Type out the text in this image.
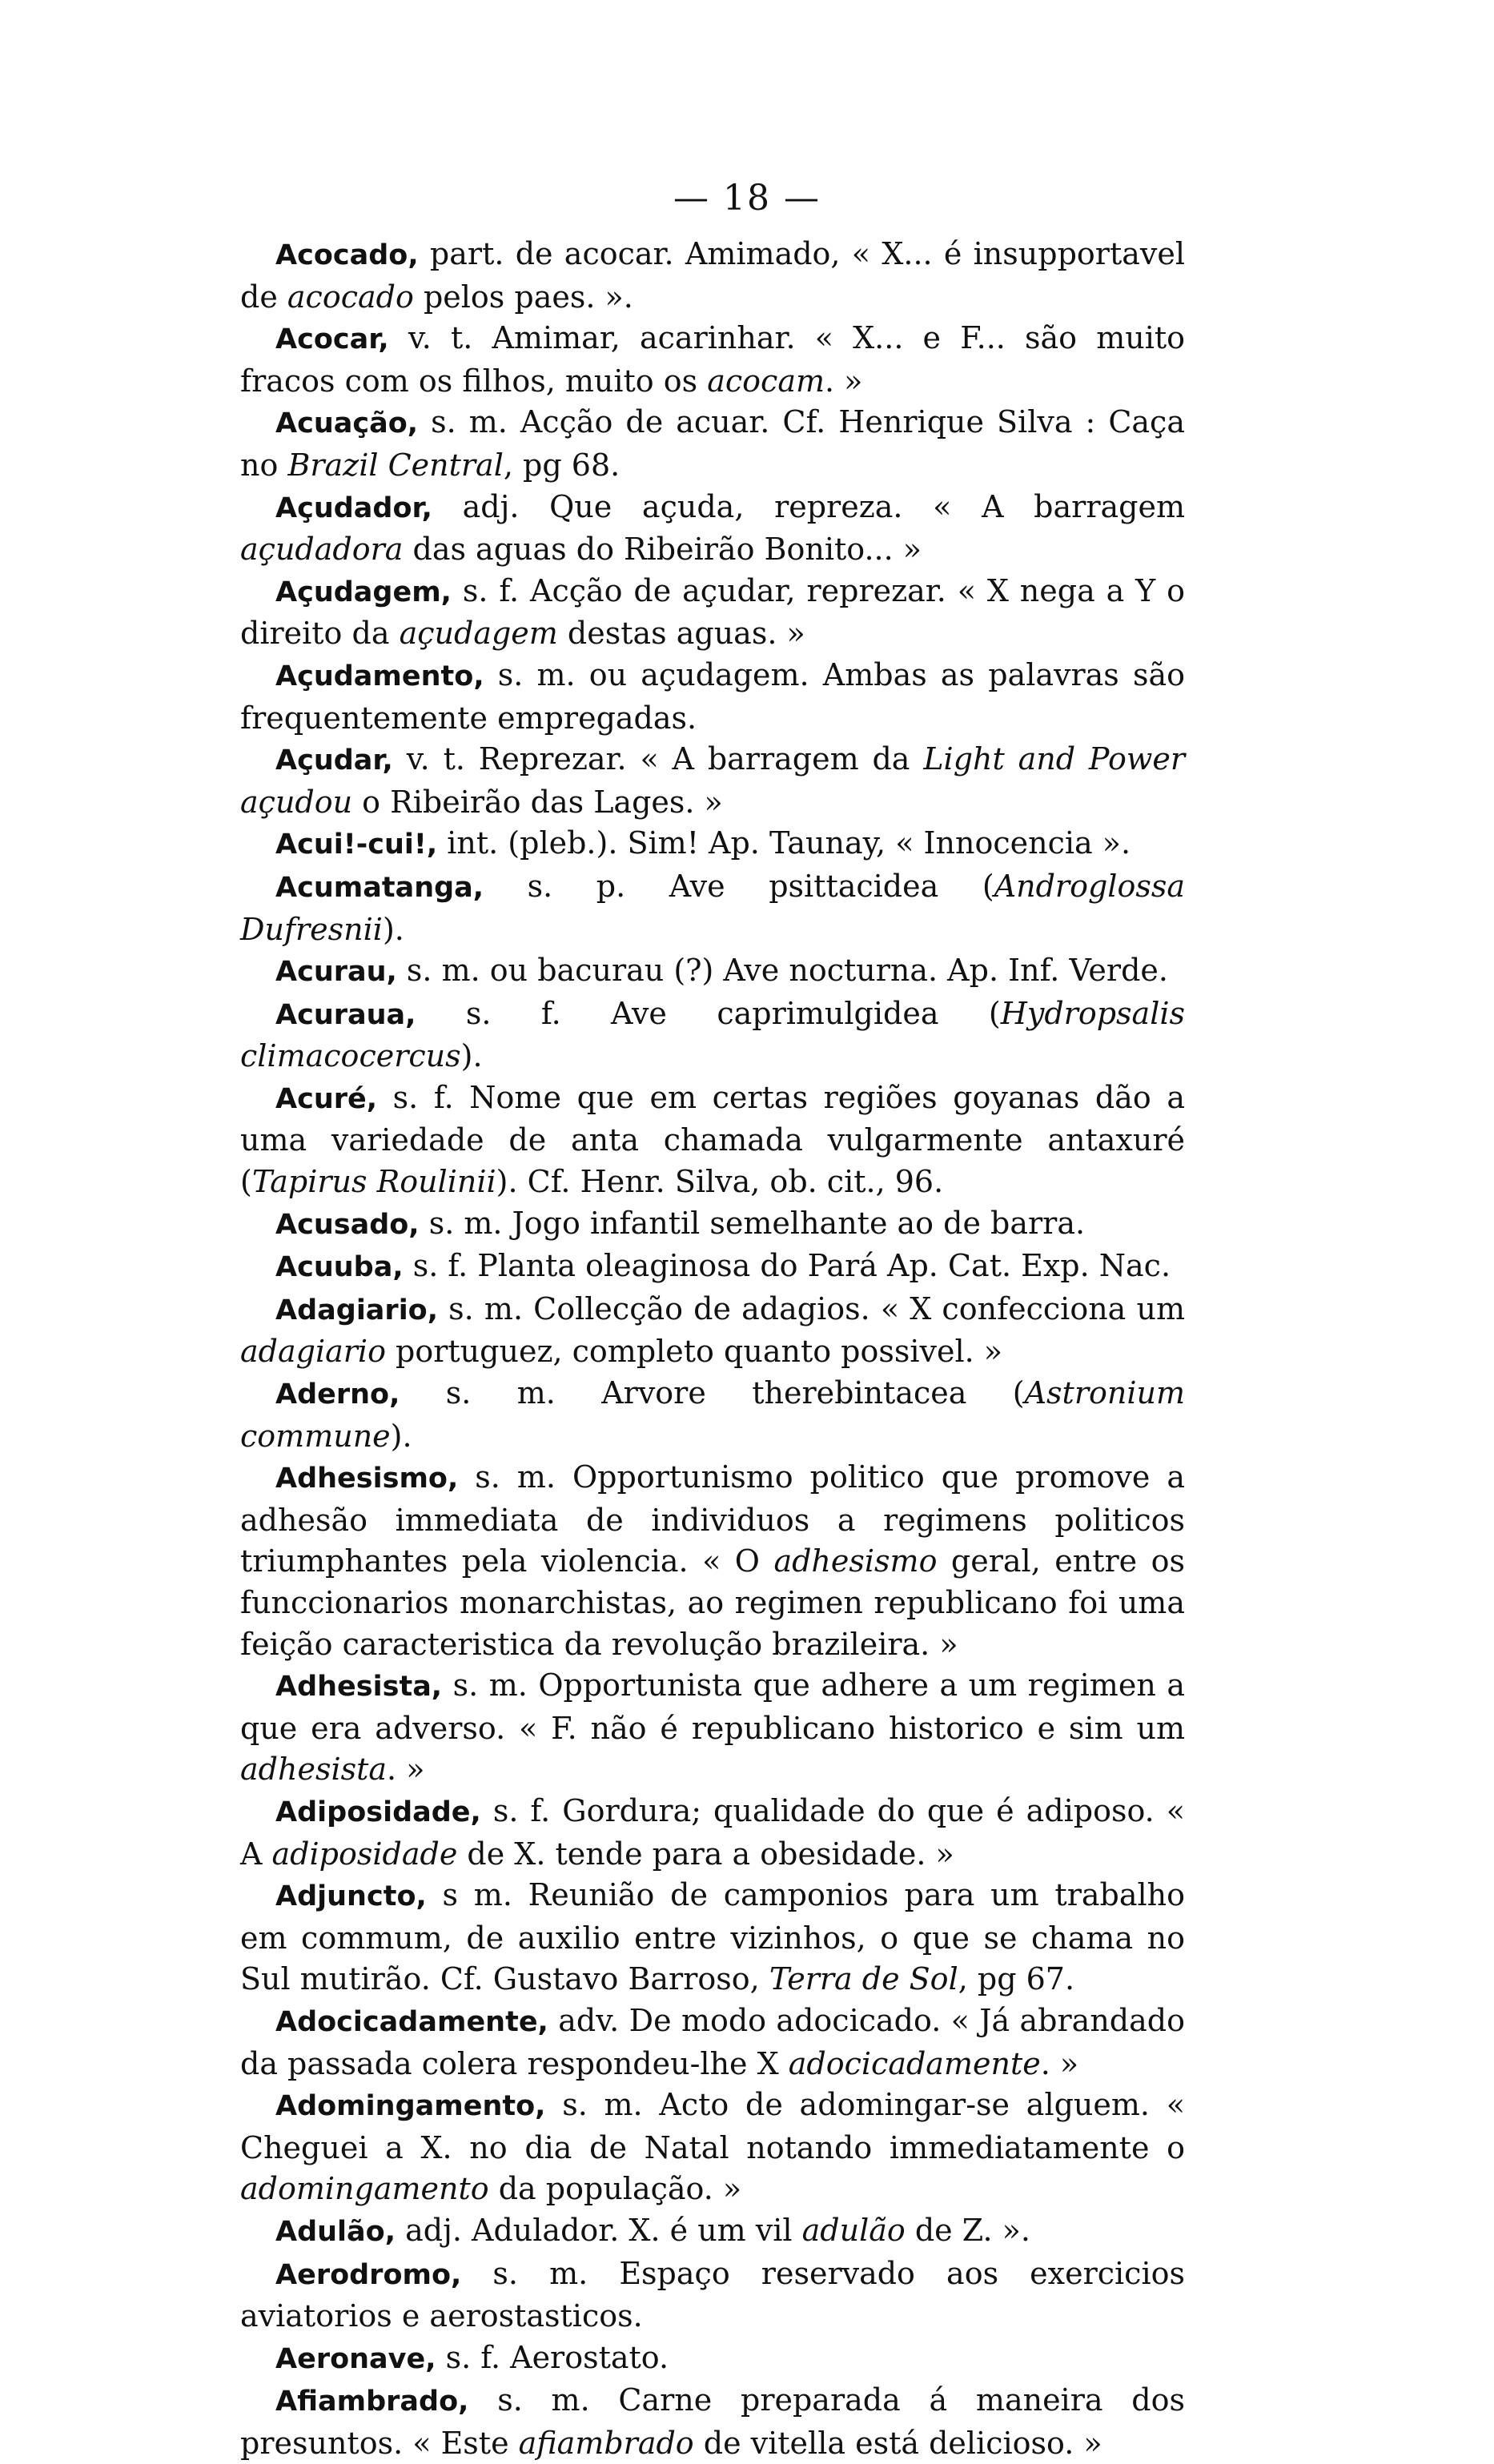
— 18 —

Acocado, part. de acocar. Amimado, « X... é insupportavel de acocado pelos paes. ».

Acocar, v. t. Amimar, acarinhar. « X... e F... são muito fracos com os filhos, muito os acocam. »

Acuação, s. m. Acção de acuar. Cf. Henrique Silva : Caça no Brazil Central, pg 68.

Açudador, adj. Que açuda, repreza. « A barragem açudadora das aguas do Ribeirão Bonito... »

Açudagem, s. f. Acção de açudar, reprezar. « X nega a Y o direito da açudagem destas aguas. »

Açudamento, s. m. ou açudagem. Ambas as palavras são frequentemente empregadas.

Açudar, v. t. Reprezar. « A barragem da Light and Power açudou o Ribeirão das Lages. »

Acui!-cui!, int. (pleb.). Sim! Ap. Taunay, « Innocencia ».

Acumatanga, s. p. Ave psittacidea (Androglossa Dufresnii).

Acurau, s. m. ou bacurau (?) Ave nocturna. Ap. Inf. Verde.

Acuraua, s. f. Ave caprimulgidea (Hydropsalis climacocercus).

Acuré, s. f. Nome que em certas regiões goyanas dão a uma variedade de anta chamada vulgarmente antaxuré (Tapirus Roulinii). Cf. Henr. Silva, ob. cit., 96.

Acusado, s. m. Jogo infantil semelhante ao de barra.

Acuuba, s. f. Planta oleaginosa do Pará Ap. Cat. Exp. Nac.

Adagiario, s. m. Collecção de adagios. « X confecciona um adagiario portuguez, completo quanto possivel. »

Aderno, s. m. Arvore therebintacea (Astronium commune).

Adhesismo, s. m. Opportunismo politico que promove a adhesão immediata de individuos a regimens politicos triumphantes pela violencia. « O adhesismo geral, entre os funccionarios monarchistas, ao regimen republicano foi uma feição caracteristica da revolução brazileira. »

Adhesista, s. m. Opportunista que adhere a um regimen a que era adverso. « F. não é republicano historico e sim um adhesista. »

Adiposidade, s. f. Gordura; qualidade do que é adiposo. « A adiposidade de X. tende para a obesidade. »

Adjuncto, s m. Reunião de camponios para um trabalho em commum, de auxilio entre vizinhos, o que se chama no Sul mutirão. Cf. Gustavo Barroso, Terra de Sol, pg 67.

Adocicadamente, adv. De modo adocicado. « Já abrandado da passada colera respondeu-lhe X adocicadamente. »

Adomingamento, s. m. Acto de adomingar-se alguem. « Cheguei a X. no dia de Natal notando immediatamente o adomingamento da população. »

Adulão, adj. Adulador. X. é um vil adulão de Z. ».

Aerodromo, s. m. Espaço reservado aos exercicios aviatorios e aerostasticos.

Aeronave, s. f. Aerostato.

Afiambrado, s. m. Carne preparada á maneira dos presuntos. « Este afiambrado de vitella está delicioso. »
